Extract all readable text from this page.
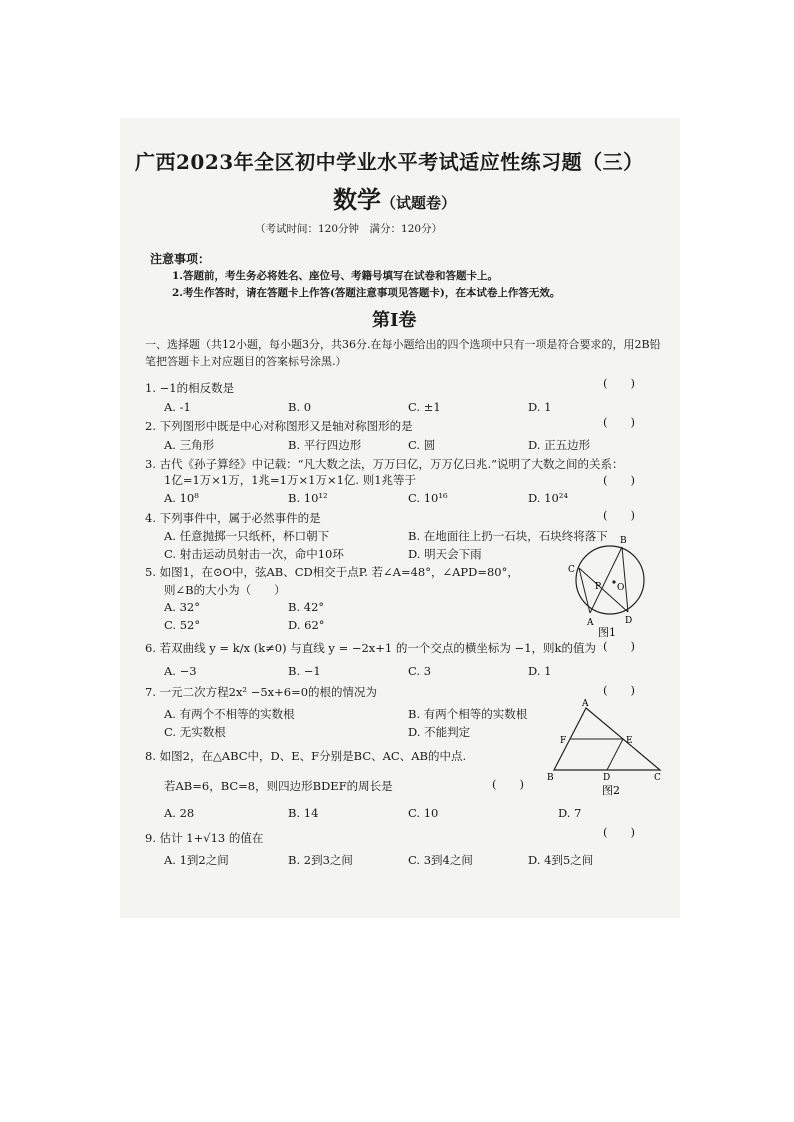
广西2023年全区初中学业水平考试适应性练习题（三）
数学（试题卷）
（考试时间：120分钟　满分：120分）
注意事项：
1.答题前，考生务必将姓名、座位号、考籍号填写在试卷和答题卡上。
2.考生作答时，请在答题卡上作答(答题注意事项见答题卡)，在本试卷上作答无效。
第Ⅰ卷
一、选择题（共12小题，每小题3分，共36分.在每小题给出的四个选项中只有一项是符合要求的，用2B铅笔把答题卡上对应题目的答案标号涂黑.）
1. −1的相反数是	(　　)
A. -1	B. 0	C. ±1	D. 1
2. 下列图形中既是中心对称图形又是轴对称图形的是	(　　)
A. 三角形	B. 平行四边形	C. 圆	D. 正五边形
3. 古代《孙子算经》中记载：“凡大数之法，万万曰亿，万万亿曰兆.”说明了大数之间的关系：
1亿=1万×1万，1兆=1万×1万×1亿. 则1兆等于	(　　)
A. 10⁸	B. 10¹²	C. 10¹⁶	D. 10²⁴
4. 下列事件中，属于必然事件的是	(　　)
A. 任意抛掷一只纸杯，杯口朝下	B. 在地面往上扔一石块，石块终将落下
C. 射击运动员射击一次，命中10环	D. 明天会下雨
5. 如图1，在⊙O中，弦AB、CD相交于点P. 若∠A=48°，∠APD=80°，
则∠B的大小为（　　）
A. 32°	B. 42°
C. 52°	D. 62°	A
B
C
D
P O
图1
6. 若双曲线 y = k/x (k≠0) 与直线 y = −2x+1 的一个交点的横坐标为 −1，则k的值为 (　　)
A. −3	B. −1	C. 3	D. 1
7. 一元二次方程2x² −5x+6=0的根的情况为	(　　)
A. 有两个不相等的实数根	B. 有两个相等的实数根
C. 无实数根	D. 不能判定
A
B	C
D
E
F
图2
8. 如图2，在△ABC中，D、E、F分别是BC、AC、AB的中点.
若AB=6，BC=8，则四边形BDEF的周长是	(　　)
A. 28	B. 14	C. 10	D. 7
9. 估计 1+√13 的值在	(　　)
A. 1到2之间	B. 2到3之间	C. 3到4之间	D. 4到5之间
